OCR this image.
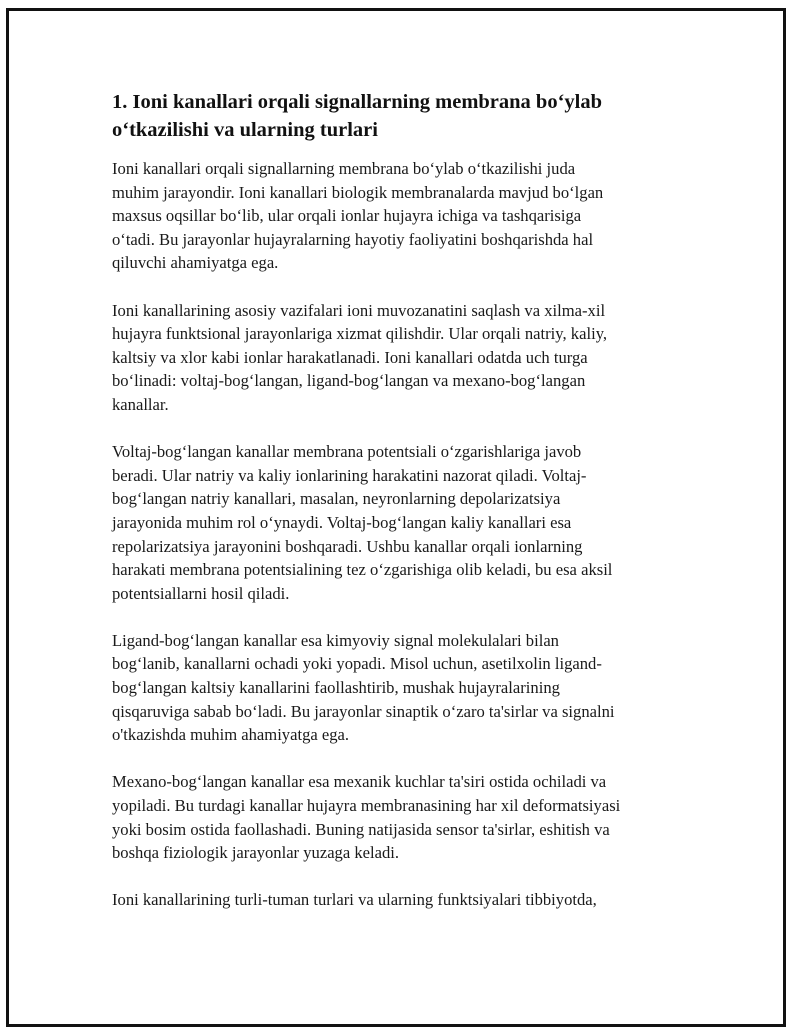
1. Ioni kanallari orqali signallarning membrana bo‘ylab
o‘tkazilishi va ularning turlari

Ioni kanallari orqali signallarning membrana bo‘ylab o‘tkazilishi juda
muhim jarayondir. Ioni kanallari biologik membranalarda mavjud bo‘lgan
maxsus oqsillar bo‘lib, ular orqali ionlar hujayra ichiga va tashqarisiga
o‘tadi. Bu jarayonlar hujayralarning hayotiy faoliyatini boshqarishda hal
qiluvchi ahamiyatga ega.

Ioni kanallarining asosiy vazifalari ioni muvozanatini saqlash va xilma-xil
hujayra funktsional jarayonlariga xizmat qilishdir. Ular orqali natriy, kaliy,
kaltsiy va xlor kabi ionlar harakatlanadi. Ioni kanallari odatda uch turga
bo‘linadi: voltaj-bog‘langan, ligand-bog‘langan va mexano-bog‘langan
kanallar.

Voltaj-bog‘langan kanallar membrana potentsiali o‘zgarishlariga javob
beradi. Ular natriy va kaliy ionlarining harakatini nazorat qiladi. Voltaj-
bog‘langan natriy kanallari, masalan, neyronlarning depolarizatsiya
jarayonida muhim rol o‘ynaydi. Voltaj-bog‘langan kaliy kanallari esa
repolarizatsiya jarayonini boshqaradi. Ushbu kanallar orqali ionlarning
harakati membrana potentsialining tez o‘zgarishiga olib keladi, bu esa aksil
potentsiallarni hosil qiladi.

Ligand-bog‘langan kanallar esa kimyoviy signal molekulalari bilan
bog‘lanib, kanallarni ochadi yoki yopadi. Misol uchun, asetilxolin ligand-
bog‘langan kaltsiy kanallarini faollashtirib, mushak hujayralarining
qisqaruviga sabab bo‘ladi. Bu jarayonlar sinaptik o‘zaro ta'sirlar va signalni
o'tkazishda muhim ahamiyatga ega.

Mexano-bog‘langan kanallar esa mexanik kuchlar ta'siri ostida ochiladi va
yopiladi. Bu turdagi kanallar hujayra membranasining har xil deformatsiyasi
yoki bosim ostida faollashadi. Buning natijasida sensor ta'sirlar, eshitish va
boshqa fiziologik jarayonlar yuzaga keladi.

Ioni kanallarining turli-tuman turlari va ularning funktsiyalari tibbiyotda,
